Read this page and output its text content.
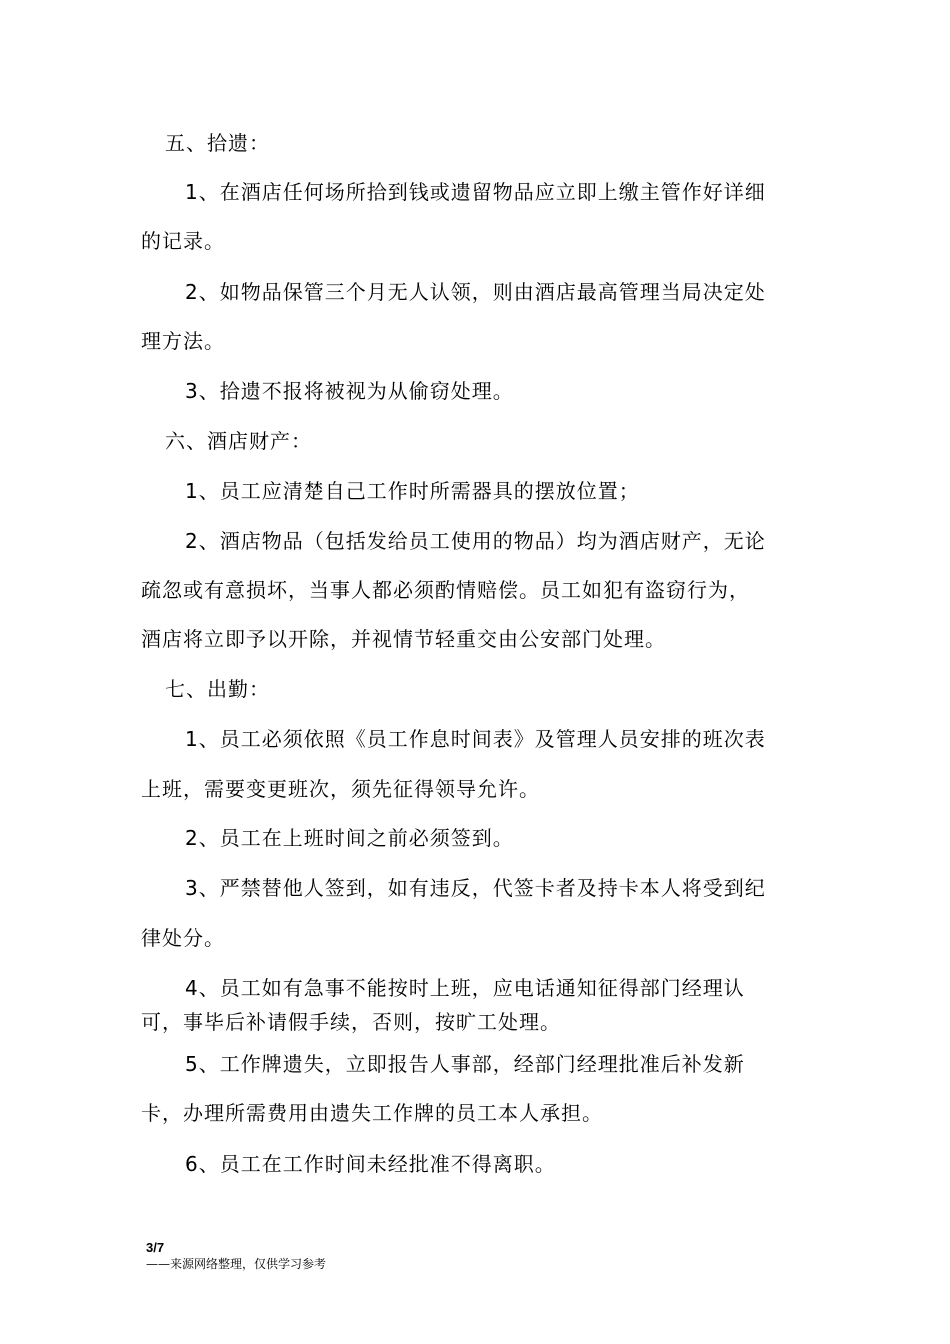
五、拾遗：
1、在酒店任何场所拾到钱或遗留物品应立即上缴主管作好详细
的记录。
2、如物品保管三个月无人认领，则由酒店最高管理当局决定处
理方法。
3、拾遗不报将被视为从偷窃处理。
六、酒店财产：
1、员工应清楚自己工作时所需器具的摆放位置；
2、酒店物品（包括发给员工使用的物品）均为酒店财产，无论
疏忽或有意损坏，当事人都必须酌情赔偿。员工如犯有盗窃行为，
酒店将立即予以开除，并视情节轻重交由公安部门处理。
七、出勤：
1、员工必须依照《员工作息时间表》及管理人员安排的班次表
上班，需要变更班次，须先征得领导允许。
2、员工在上班时间之前必须签到。
3、严禁替他人签到，如有违反，代签卡者及持卡本人将受到纪
律处分。
4、员工如有急事不能按时上班，应电话通知征得部门经理认
可，事毕后补请假手续，否则，按旷工处理。
5、工作牌遗失，立即报告人事部，经部门经理批准后补发新
卡，办理所需费用由遗失工作牌的员工本人承担。
6、员工在工作时间未经批准不得离职。
3/7
——来源网络整理，仅供学习参考
